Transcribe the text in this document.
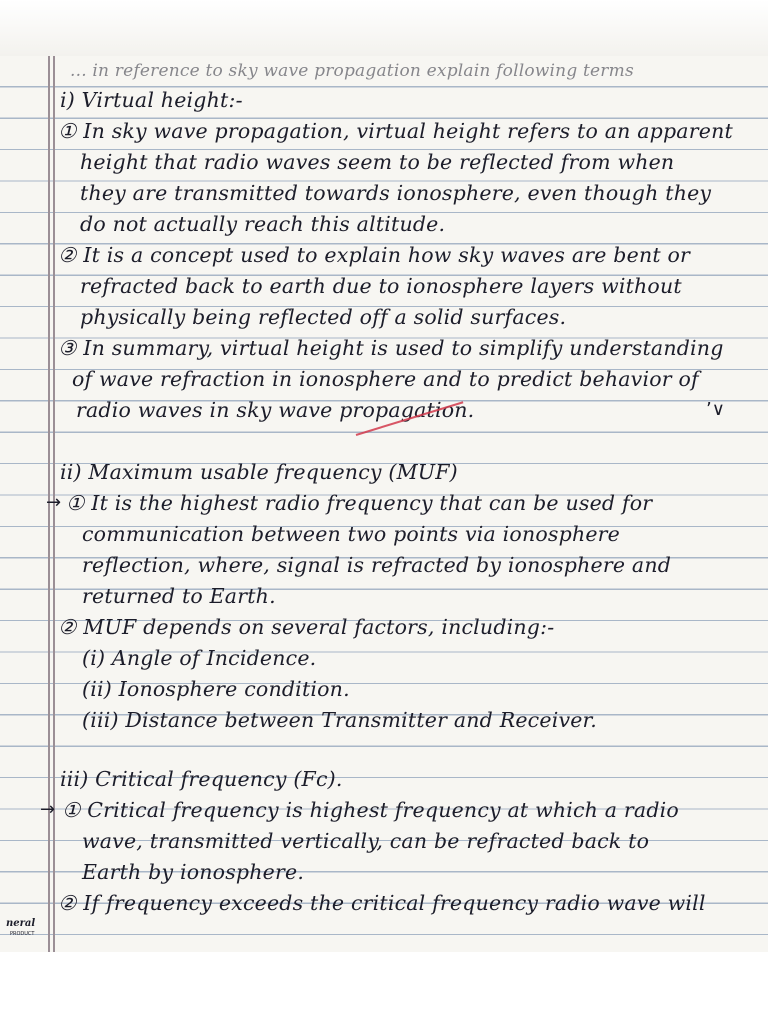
... in reference to sky wave propagation explain following terms

i) Virtual height:-

① In sky wave propagation, virtual height refers to an apparent

height that radio waves seem to be reflected from when

they are transmitted towards ionosphere, even though they

do not actually reach this altitude.

② It is a concept used to explain how sky waves are bent or

refracted back to earth due to ionosphere layers without

physically being reflected off a solid surfaces.

③ In summary, virtual height is used to simplify understanding

of wave refraction in ionosphere and to predict behavior of

radio waves in sky wave propagation.	’∨

ii) Maximum usable frequency (MUF)

→ ① It is the highest radio frequency that can be used for

communication between two points via ionosphere

reflection, where, signal is refracted by ionosphere and

returned to Earth.

② MUF depends on several factors, including:-

(i) Angle of Incidence.

(ii) Ionosphere condition.

(iii) Distance between Transmitter and Receiver.

iii) Critical frequency (Fc).

→ ① Critical frequency is highest frequency at which a radio

wave, transmitted vertically, can be refracted back to

Earth by ionosphere.

② If frequency exceeds the critical frequency radio wave will

neral
PRODUCT
